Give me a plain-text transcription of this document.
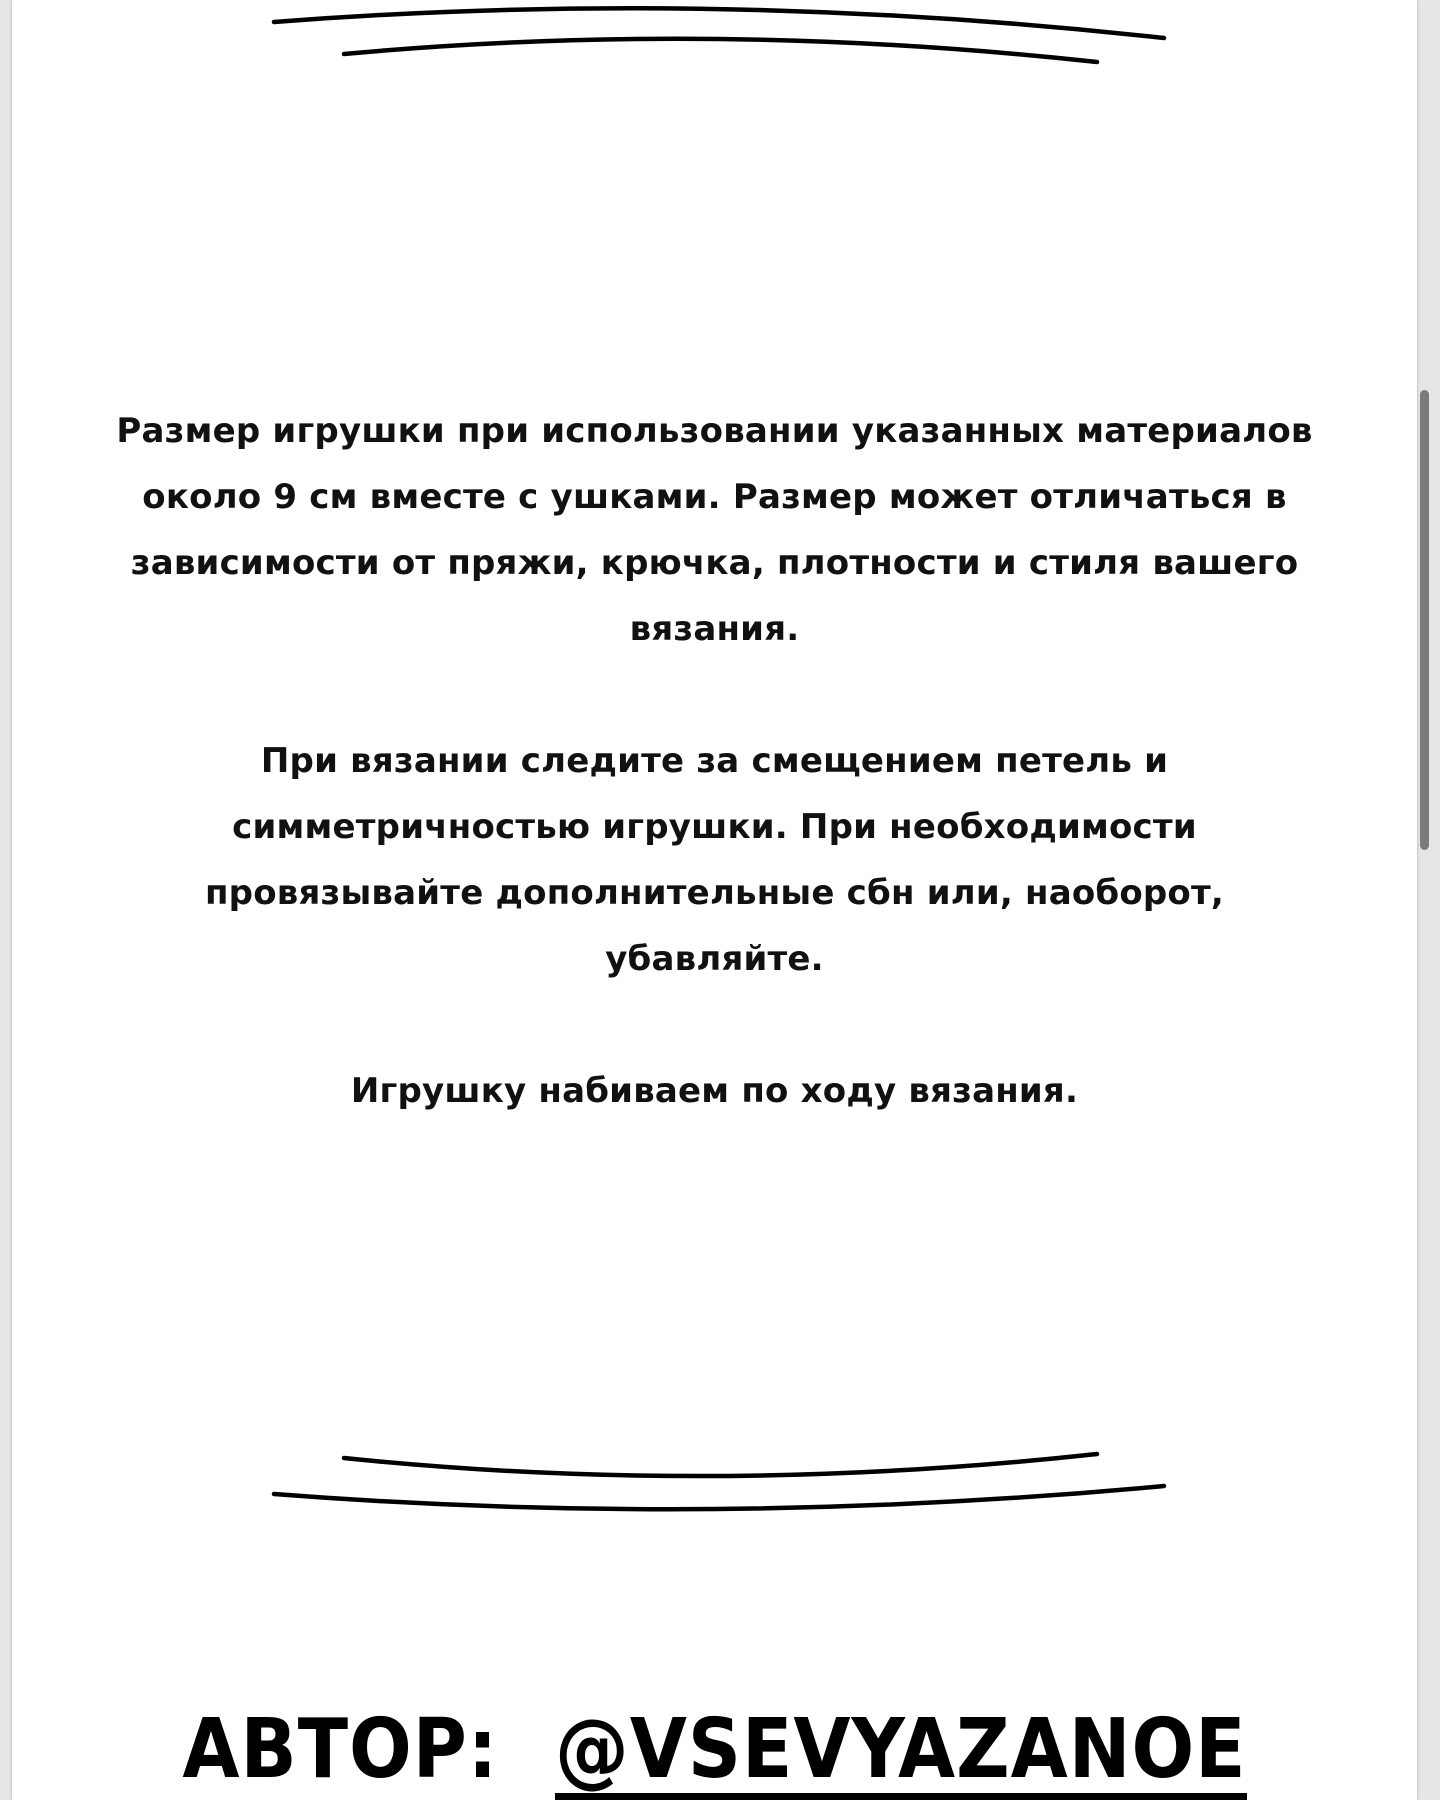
Размер игрушки при использовании указанных материалов около 9 см вместе с ушками. Размер может отличаться в зависимости от пряжи, крючка, плотности и стиля вашего вязания.

При вязании следите за смещением петель и симметричностью игрушки. При необходимости провязывайте дополнительные сбн или, наоборот, убавляйте.

Игрушку набиваем по ходу вязания.

АВТОР: @VSEVYAZANOE
